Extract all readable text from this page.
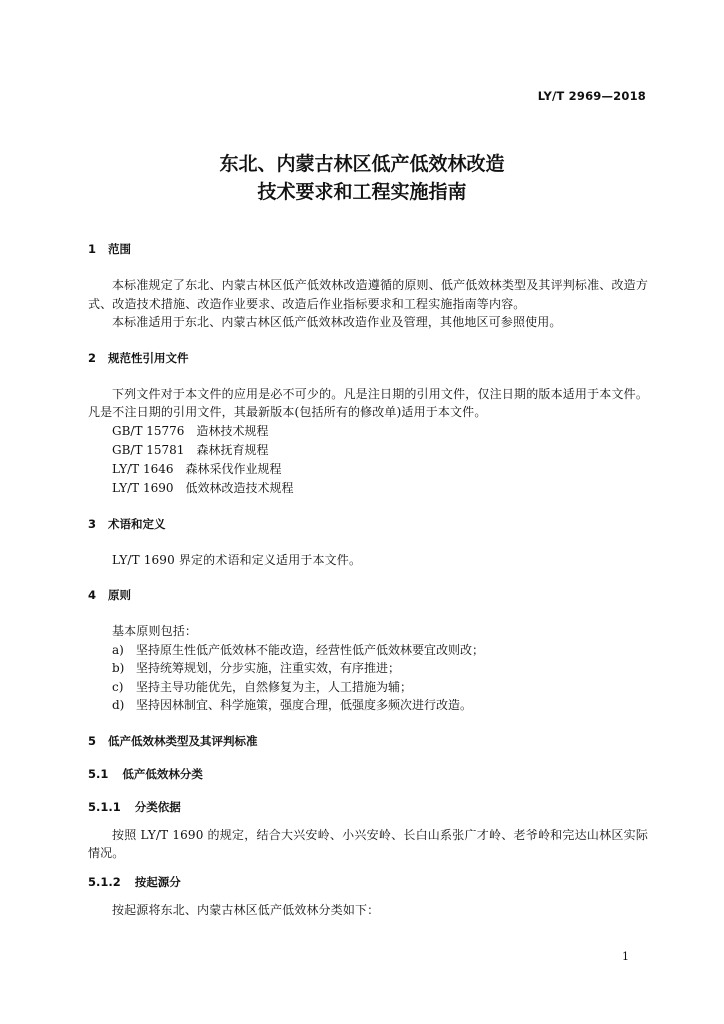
LY/T 2969—2018
东北、内蒙古林区低产低效林改造
技术要求和工程实施指南
1 范围

本标准规定了东北、内蒙古林区低产低效林改造遵循的原则、低产低效林类型及其评判标准、改造方式、改造技术措施、改造作业要求、改造后作业指标要求和工程实施指南等内容。

本标准适用于东北、内蒙古林区低产低效林改造作业及管理，其他地区可参照使用。

2 规范性引用文件

下列文件对于本文件的应用是必不可少的。凡是注日期的引用文件，仅注日期的版本适用于本文件。凡是不注日期的引用文件，其最新版本(包括所有的修改单)适用于本文件。

GB/T 15776 造林技术规程
GB/T 15781 森林抚育规程
LY/T 1646 森林采伐作业规程
LY/T 1690 低效林改造技术规程
3 术语和定义

LY/T 1690 界定的术语和定义适用于本文件。

4 原则

基本原则包括：

a) 坚持原生性低产低效林不能改造，经营性低产低效林要宜改则改；
b) 坚持统筹规划，分步实施，注重实效，有序推进；
c) 坚持主导功能优先，自然修复为主，人工措施为辅；
d) 坚持因林制宜、科学施策，强度合理，低强度多频次进行改造。
5 低产低效林类型及其评判标准
5.1 低产低效林分类
5.1.1 分类依据

按照 LY/T 1690 的规定，结合大兴安岭、小兴安岭、长白山系张广才岭、老爷岭和完达山林区实际情况。

5.1.2 按起源分

按起源将东北、内蒙古林区低产低效林分类如下：

1
